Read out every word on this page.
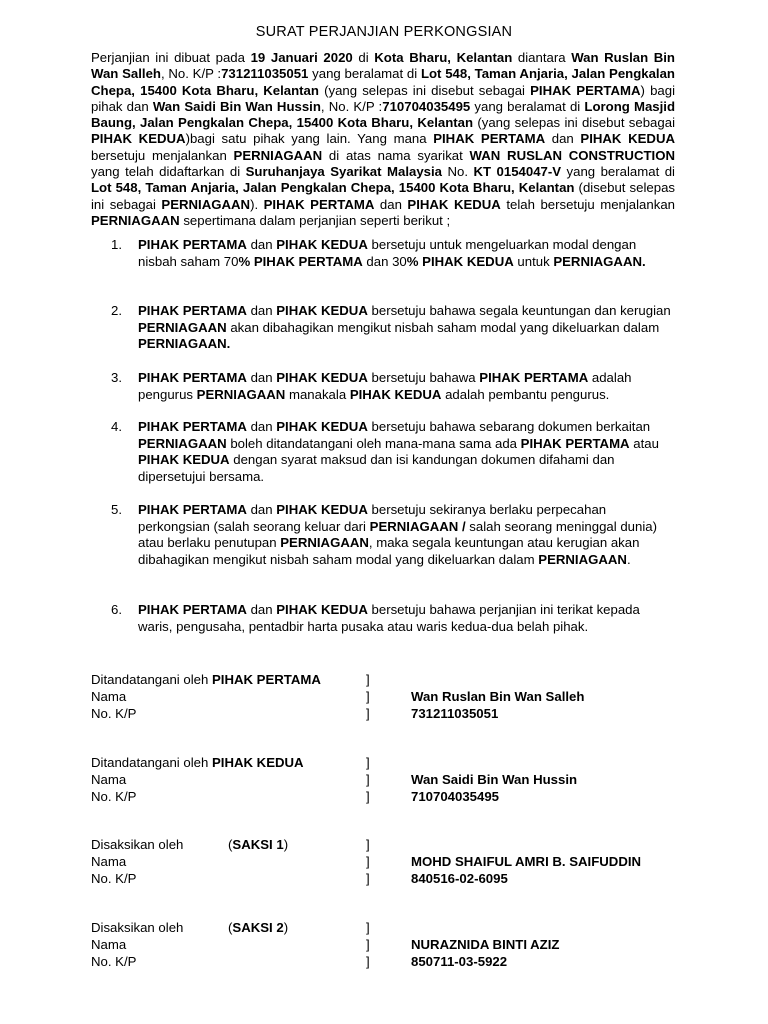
SURAT PERJANJIAN PERKONGSIAN

Perjanjian ini dibuat pada 19 Januari 2020 di Kota Bharu, Kelantan diantara Wan Ruslan Bin Wan Salleh, No. K/P :731211035051 yang beralamat di Lot 548, Taman Anjaria, Jalan Pengkalan Chepa, 15400 Kota Bharu, Kelantan (yang selepas ini disebut sebagai PIHAK PERTAMA) bagi pihak dan Wan Saidi Bin Wan Hussin, No. K/P :710704035495 yang beralamat di Lorong Masjid Baung, Jalan Pengkalan Chepa, 15400 Kota Bharu, Kelantan (yang selepas ini disebut sebagai PIHAK KEDUA)bagi satu pihak yang lain. Yang mana PIHAK PERTAMA dan PIHAK KEDUA bersetuju menjalankan PERNIAGAAN di atas nama syarikat WAN RUSLAN CONSTRUCTION yang telah didaftarkan di Suruhanjaya Syarikat Malaysia No. KT 0154047-V yang beralamat di Lot 548, Taman Anjaria, Jalan Pengkalan Chepa, 15400 Kota Bharu, Kelantan (disebut selepas ini sebagai PERNIAGAAN). PIHAK PERTAMA dan PIHAK KEDUA telah bersetuju menjalankan PERNIAGAAN sepertimana dalam perjanjian seperti berikut ;

1.	PIHAK PERTAMA dan PIHAK KEDUA bersetuju untuk mengeluarkan modal dengan nisbah saham 70% PIHAK PERTAMA dan 30% PIHAK KEDUA untuk PERNIAGAAN.
2.	PIHAK PERTAMA dan PIHAK KEDUA bersetuju bahawa segala keuntungan dan kerugian PERNIAGAAN akan dibahagikan mengikut nisbah saham modal yang dikeluarkan dalam PERNIAGAAN.
3.	PIHAK PERTAMA dan PIHAK KEDUA bersetuju bahawa PIHAK PERTAMA adalah pengurus PERNIAGAAN manakala PIHAK KEDUA adalah pembantu pengurus.
4.	PIHAK PERTAMA dan PIHAK KEDUA bersetuju bahawa sebarang dokumen berkaitan PERNIAGAAN boleh ditandatangani oleh mana-mana sama ada PIHAK PERTAMA atau PIHAK KEDUA dengan syarat maksud dan isi kandungan dokumen difahami dan dipersetujui bersama.
5.	PIHAK PERTAMA dan PIHAK KEDUA bersetuju sekiranya berlaku perpecahan perkongsian (salah seorang keluar dari PERNIAGAAN / salah seorang meninggal dunia) atau berlaku penutupan PERNIAGAAN, maka segala keuntungan atau kerugian akan dibahagikan mengikut nisbah saham modal yang dikeluarkan dalam PERNIAGAAN.
6.	PIHAK PERTAMA dan PIHAK KEDUA bersetuju bahawa perjanjian ini terikat kepada waris, pengusaha, pentadbir harta pusaka atau waris kedua-dua belah pihak.
Ditandatangani oleh PIHAK PERTAMA	]
Nama	]	Wan Ruslan Bin Wan Salleh
No. K/P	]	731211035051
Ditandatangani oleh PIHAK KEDUA	]
Nama	]	Wan Saidi Bin Wan Hussin
No. K/P	]	710704035495
Disaksikan oleh	(SAKSI 1)	]
Nama	]	MOHD SHAIFUL AMRI B. SAIFUDDIN
No. K/P	]	840516-02-6095
Disaksikan oleh	(SAKSI 2)	]
Nama	]	NURAZNIDA BINTI AZIZ
No. K/P	]	850711-03-5922
